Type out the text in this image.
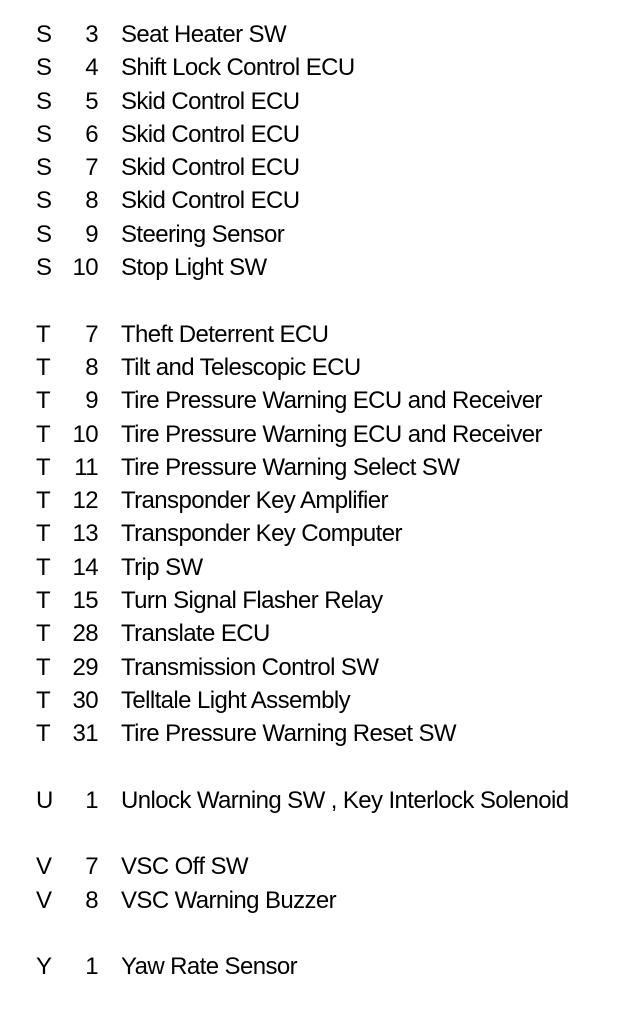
S	3 Seat Heater SW
S	4 Shift Lock Control ECU
S	5 Skid Control ECU
S	6 Skid Control ECU
S	7 Skid Control ECU
S	8 Skid Control ECU
S	9 Steering Sensor
S 10 Stop Light SW
T	7 Theft Deterrent ECU
T	8 Tilt and Telescopic ECU
T	9 Tire Pressure Warning ECU and Receiver
T 10 Tire Pressure Warning ECU and Receiver
T	11 Tire Pressure Warning Select SW
T 12 Transponder Key Amplifier
T 13 Transponder Key Computer
T 14 Trip SW
T 15 Turn Signal Flasher Relay
T 28 Translate ECU
T 29 Transmission Control SW
T 30 Telltale Light Assembly
T 31 Tire Pressure Warning Reset SW
U	1 Unlock Warning SW , Key Interlock Solenoid
V	7 VSC Off SW
V	8 VSC Warning Buzzer
Y	1 Yaw Rate Sensor
